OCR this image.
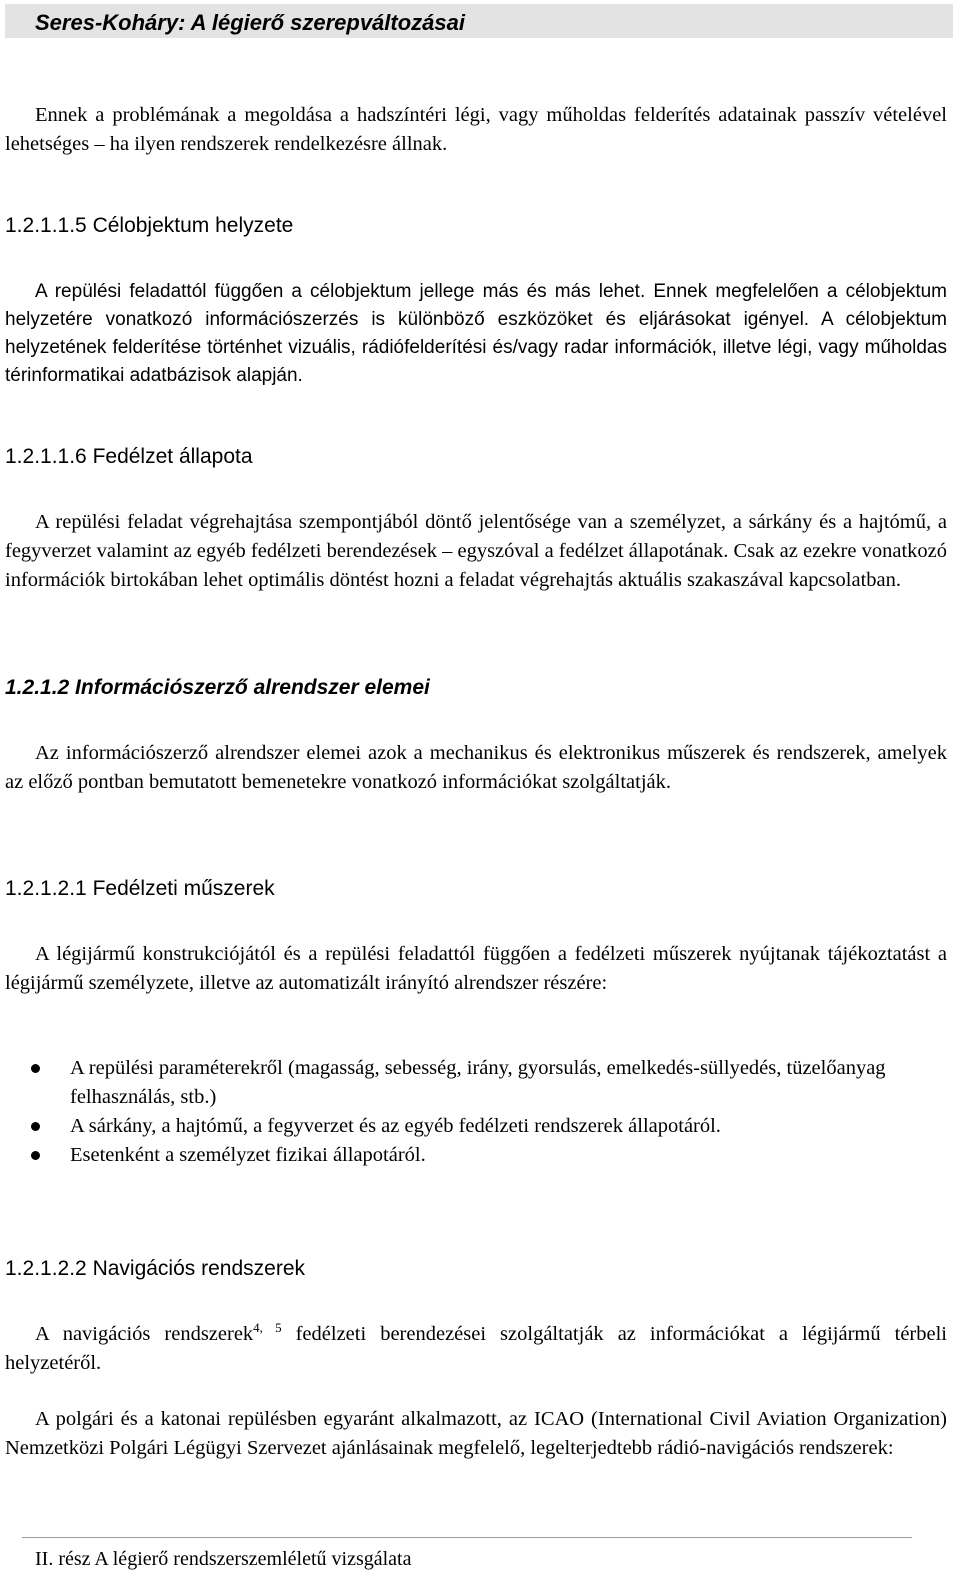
Seres-Koháry: A légierő szerepváltozásai
Ennek a problémának a megoldása a hadszíntéri légi, vagy műholdas felderítés adatainak passzív vételével lehetséges – ha ilyen rendszerek rendelkezésre állnak.
1.2.1.1.5 Célobjektum helyzete
A repülési feladattól függően a célobjektum jellege más és más lehet. Ennek megfelelően a célobjektum helyzetére vonatkozó információszerzés is különböző eszközöket és eljárásokat igényel. A célobjektum helyzetének felderítése történhet vizuális, rádiófelderítési és/vagy radar információk, illetve légi, vagy műholdas térinformatikai adatbázisok alapján.
1.2.1.1.6 Fedélzet állapota
A repülési feladat végrehajtása szempontjából döntő jelentősége van a személyzet, a sárkány és a hajtómű, a fegyverzet valamint az egyéb fedélzeti berendezések – egyszóval a fedélzet állapotának. Csak az ezekre vonatkozó információk birtokában lehet optimális döntést hozni a feladat végrehajtás aktuális szakaszával kapcsolatban.
1.2.1.2 Információszerző alrendszer elemei
Az információszerző alrendszer elemei azok a mechanikus és elektronikus műszerek és rendszerek, amelyek az előző pontban bemutatott bemenetekre vonatkozó információkat szolgáltatják.
1.2.1.2.1 Fedélzeti műszerek
A légijármű konstrukciójától és a repülési feladattól függően a fedélzeti műszerek nyújtanak tájékoztatást a légijármű személyzete, illetve az automatizált irányító alrendszer részére:
A repülési paraméterekről (magasság, sebesség, irány, gyorsulás, emelkedés-süllyedés, tüzelőanyag felhasználás, stb.)
A sárkány, a hajtómű, a fegyverzet és az egyéb fedélzeti rendszerek állapotáról.
Esetenként a személyzet fizikai állapotáról.
1.2.1.2.2 Navigációs rendszerek
A navigációs rendszerek$^{4, 5}$ fedélzeti berendezései szolgáltatják az információkat a légijármű térbeli helyzetéről.
A polgári és a katonai repülésben egyaránt alkalmazott, az ICAO (International Civil Aviation Organization) Nemzetközi Polgári Légügyi Szervezet ajánlásainak megfelelő, legelterjedtebb rádió-navigációs rendszerek:
II. rész A légierő rendszerszemléletű vizsgálata
